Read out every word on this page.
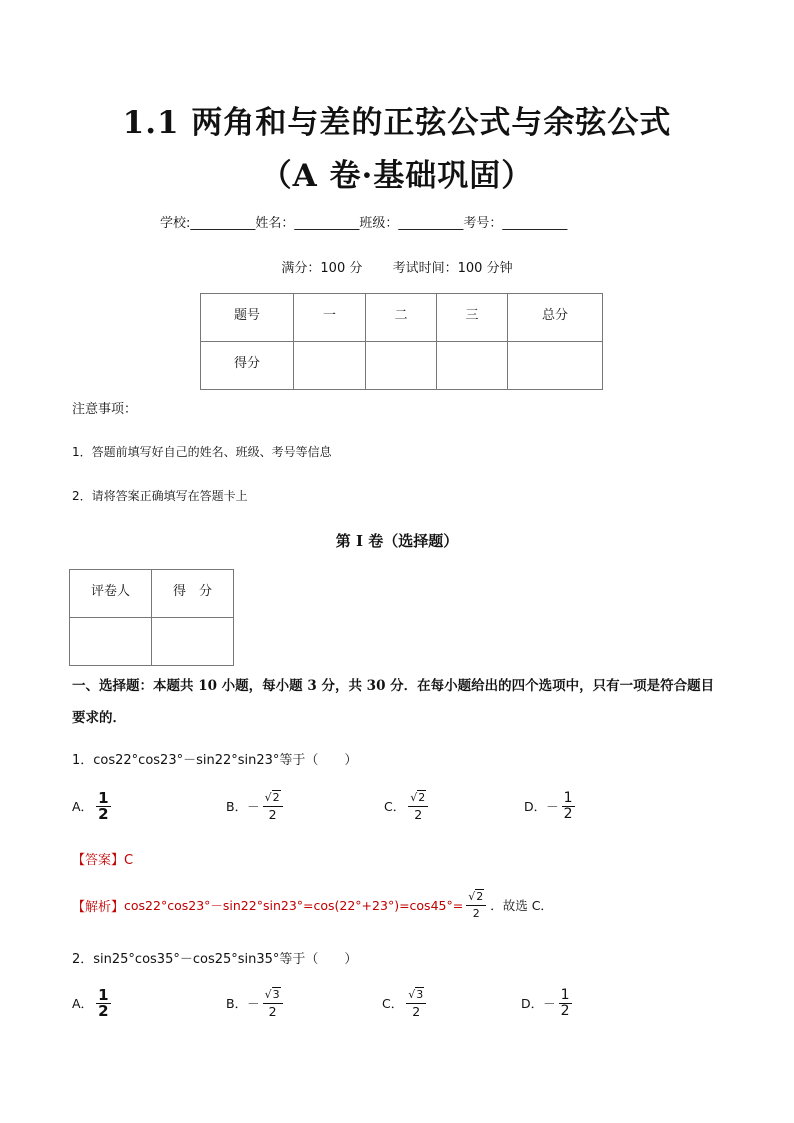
1.1 两角和与差的正弦公式与余弦公式
（A 卷·基础巩固）
学校:__________ 姓名：__________ 班级：__________ 考号：__________
满分：100 分 考试时间：100 分钟
题号	一	二	三	总分
得分				
注意事项：
1．答题前填写好自己的姓名、班级、考号等信息
2．请将答案正确填写在答题卡上
第 I 卷（选择题）
评卷人	得　分

一、选择题：本题共 10 小题，每小题 3 分，共 30 分．在每小题给出的四个选项中，只有一项是符合题目
要求的．
1．cos22°cos23°－sin22°sin23°等于（　　）
A． $\frac{1}{2}$	B． － $\frac{√ 2}{2}$	C． $\frac{√ 2}{2}$	D． － $\frac{1}{2}$
【答案】C
【解析】 $\cos 22^\circ\cos 23^\circ-\sin 22^\circ\sin 23^\circ=\cos(22^\circ+23^\circ)=\cos 45^\circ= \frac{√ 2}{2}$ ．故选 C．
2．sin25°cos35°－cos25°sin35°等于（　　）
A． $\frac{1}{2}$	B． － $\frac{√ 3}{2}$	C． $\frac{√ 3}{2}$	D． － $\frac{1}{2}$
